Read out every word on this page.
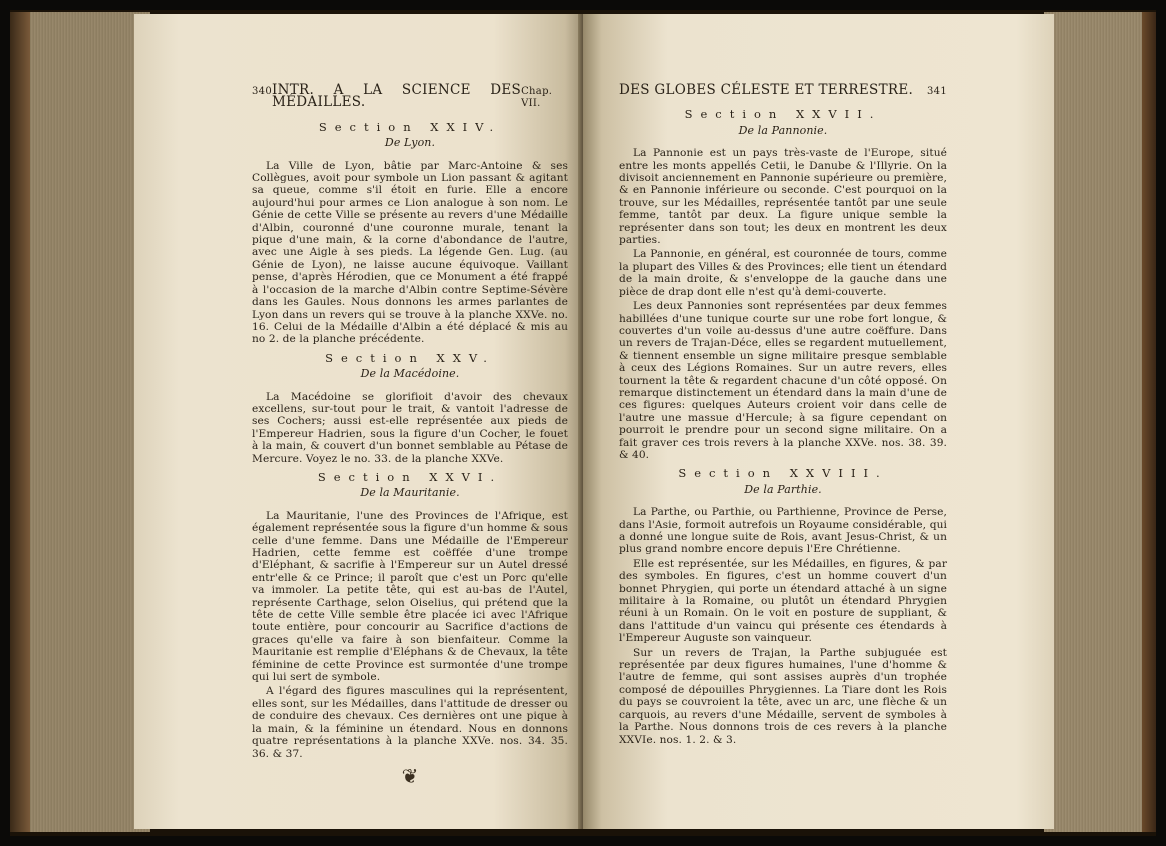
340 INTR. A LA SCIENCE DES MÉDAILLES.
Chap. VII.
Section XXIV.
De Lyon.

La Ville de Lyon, bâtie par Marc-Antoine & ses Collègues, avoit pour symbole un Lion passant & agitant sa queue, comme s'il étoit en furie. Elle a encore aujourd'hui pour armes ce Lion analogue à son nom. Le Génie de cette Ville se présente au revers d'une Médaille d'Albin, couronné d'une couronne murale, tenant la pique d'une main, & la corne d'abondance de l'autre, avec une Aigle à ses pieds. La légende Gen. Lug. (au Génie de Lyon), ne laisse aucune équivoque. Vaillant pense, d'après Hérodien, que ce Monument a été frappé à l'occasion de la marche d'Albin contre Septime-Sévère dans les Gaules. Nous donnons les armes parlantes de Lyon dans un revers qui se trouve à la planche XXVe. no. 16. Celui de la Médaille d'Albin a été déplacé & mis au no 2. de la planche précédente.

Section XXV.
De la Macédoine.

La Macédoine se glorifioit d'avoir des chevaux excellens, sur-tout pour le trait, & vantoit l'adresse de ses Cochers; aussi est-elle représentée aux pieds de l'Empereur Hadrien, sous la figure d'un Cocher, le fouet à la main, & couvert d'un bonnet semblable au Pétase de Mercure. Voyez le no. 33. de la planche XXVe.

Section XXVI.
De la Mauritanie.

La Mauritanie, l'une des Provinces de l'Afrique, est également représentée sous la figure d'un homme & sous celle d'une femme. Dans une Médaille de l'Empereur Hadrien, cette femme est coëffée d'une trompe d'Eléphant, & sacrifie à l'Empereur sur un Autel dressé entr'elle & ce Prince; il paroît que c'est un Porc qu'elle va immoler. La petite tête, qui est au-bas de l'Autel, représente Carthage, selon Oiselius, qui prétend que la tête de cette Ville semble être placée ici avec l'Afrique toute entière, pour concourir au Sacrifice d'actions de graces qu'elle va faire à son bienfaiteur. Comme la Mauritanie est remplie d'Eléphans & de Chevaux, la tête féminine de cette Province est surmontée d'une trompe qui lui sert de symbole.

A l'égard des figures masculines qui la représentent, elles sont, sur les Médailles, dans l'attitude de dresser ou de conduire des chevaux. Ces dernières ont une pique à la main, & la féminine un étendard. Nous en donnons quatre représentations à la planche XXVe. nos. 34. 35. 36. & 37.

❦
DES GLOBES CÉLESTE ET TERRESTRE. 341
Section XXVII.
De la Pannonie.

La Pannonie est un pays très-vaste de l'Europe, situé entre les monts appellés Cetii, le Danube & l'Illyrie. On la divisoit anciennement en Pannonie supérieure ou première, & en Pannonie inférieure ou seconde. C'est pourquoi on la trouve, sur les Médailles, représentée tantôt par une seule femme, tantôt par deux. La figure unique semble la représenter dans son tout; les deux en montrent les deux parties.

La Pannonie, en général, est couronnée de tours, comme la plupart des Villes & des Provinces; elle tient un étendard de la main droite, & s'enveloppe de la gauche dans une pièce de drap dont elle n'est qu'à demi-couverte.

Les deux Pannonies sont représentées par deux femmes habillées d'une tunique courte sur une robe fort longue, & couvertes d'un voile au-dessus d'une autre coëffure. Dans un revers de Trajan-Déce, elles se regardent mutuellement, & tiennent ensemble un signe militaire presque semblable à ceux des Légions Romaines. Sur un autre revers, elles tournent la tête & regardent chacune d'un côté opposé. On remarque distinctement un étendard dans la main d'une de ces figures: quelques Auteurs croient voir dans celle de l'autre une massue d'Hercule; à sa figure cependant on pourroit le prendre pour un second signe militaire. On a fait graver ces trois revers à la planche XXVe. nos. 38. 39. & 40.

Section XXVIII.
De la Parthie.

La Parthe, ou Parthie, ou Parthienne, Province de Perse, dans l'Asie, formoit autrefois un Royaume considérable, qui a donné une longue suite de Rois, avant Jesus-Christ, & un plus grand nombre encore depuis l'Ere Chrétienne.

Elle est représentée, sur les Médailles, en figures, & par des symboles. En figures, c'est un homme couvert d'un bonnet Phrygien, qui porte un étendard attaché à un signe militaire à la Romaine, ou plutôt un étendard Phrygien réuni à un Romain. On le voit en posture de suppliant, & dans l'attitude d'un vaincu qui présente ces étendards à l'Empereur Auguste son vainqueur.

Sur un revers de Trajan, la Parthe subjuguée est représentée par deux figures humaines, l'une d'homme & l'autre de femme, qui sont assises auprès d'un trophée composé de dépouilles Phrygiennes. La Tiare dont les Rois du pays se couvroient la tête, avec un arc, une flèche & un carquois, au revers d'une Médaille, servent de symboles à la Parthe. Nous donnons trois de ces revers à la planche XXVIe. nos. 1. 2. & 3.
